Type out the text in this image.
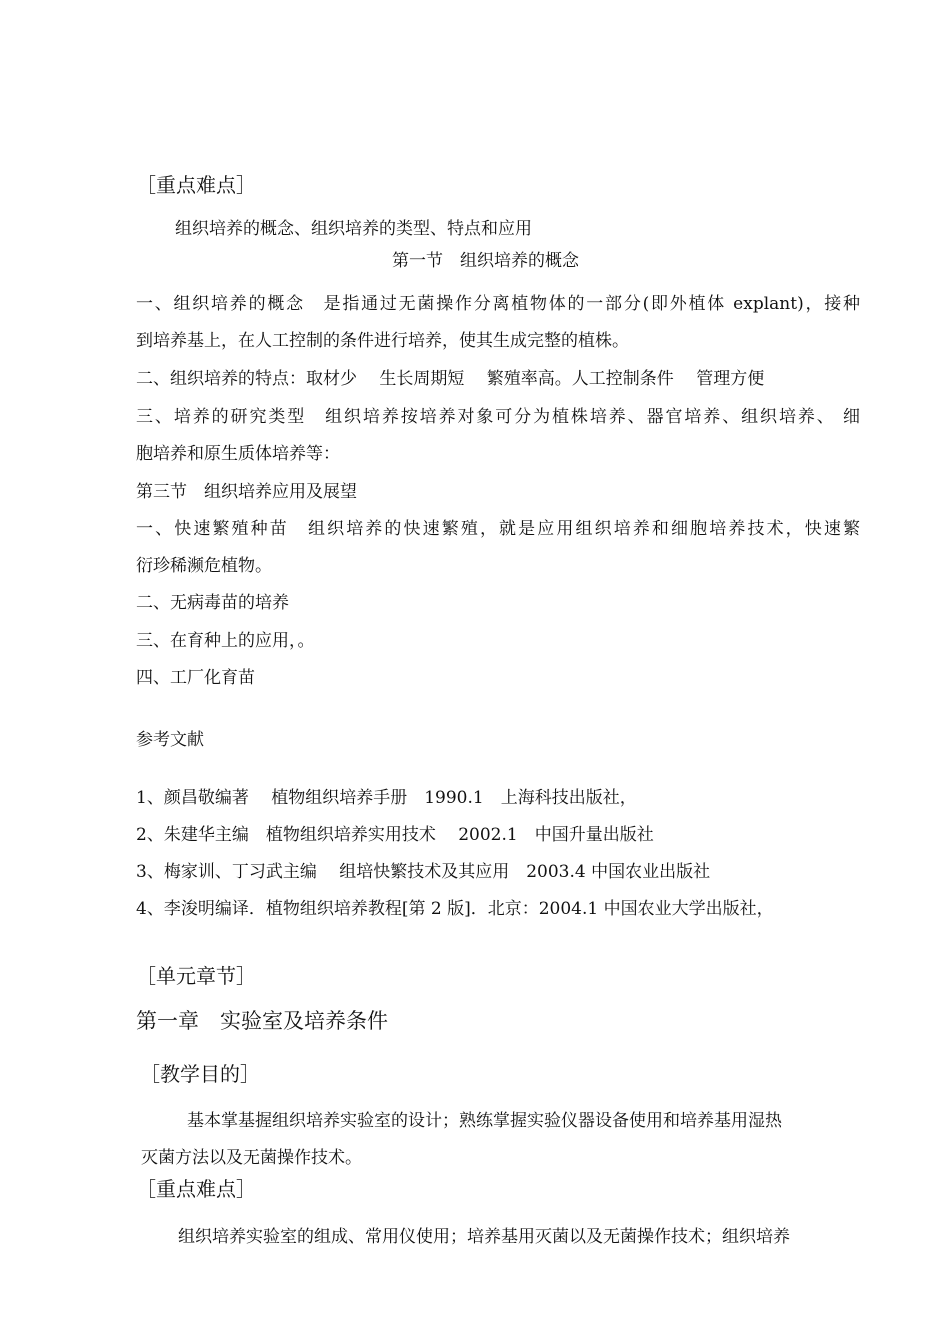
［重点难点］
组织培养的概念、组织培养的类型、特点和应用
第一节　组织培养的概念
一、组织培养的概念　是指通过无菌操作分离植物体的一部分(即外植体 explant)，接种
到培养基上，在人工控制的条件进行培养，使其生成完整的植株。
二、组织培养的特点：取材少　 生长周期短　 繁殖率高。人工控制条件　 管理方便
三、培养的研究类型　组织培养按培养对象可分为植株培养、器官培养、组织培养、 细
胞培养和原生质体培养等：
第三节　组织培养应用及展望
一、快速繁殖种苗　组织培养的快速繁殖，就是应用组织培养和细胞培养技术，快速繁
衍珍稀濒危植物。
二、无病毒苗的培养
三、在育种上的应用，。
四、工厂化育苗
参考文献
1、颜昌敬编著　 植物组织培养手册　1990.1　上海科技出版社，
2、朱建华主编　植物组织培养实用技术　 2002.1　中国升量出版社
3、梅家训、丁习武主编　 组培快繁技术及其应用　2003.4 中国农业出版社
4、李浚明编译．植物组织培养教程[第 2 版]．北京：2004.1 中国农业大学出版社，
［单元章节］
第一章　实验室及培养条件
［教学目的］
基本掌基握组织培养实验室的设计；熟练掌握实验仪器设备使用和培养基用湿热
灭菌方法以及无菌操作技术。
［重点难点］
组织培养实验室的组成、常用仪使用；培养基用灭菌以及无菌操作技术；组织培养
